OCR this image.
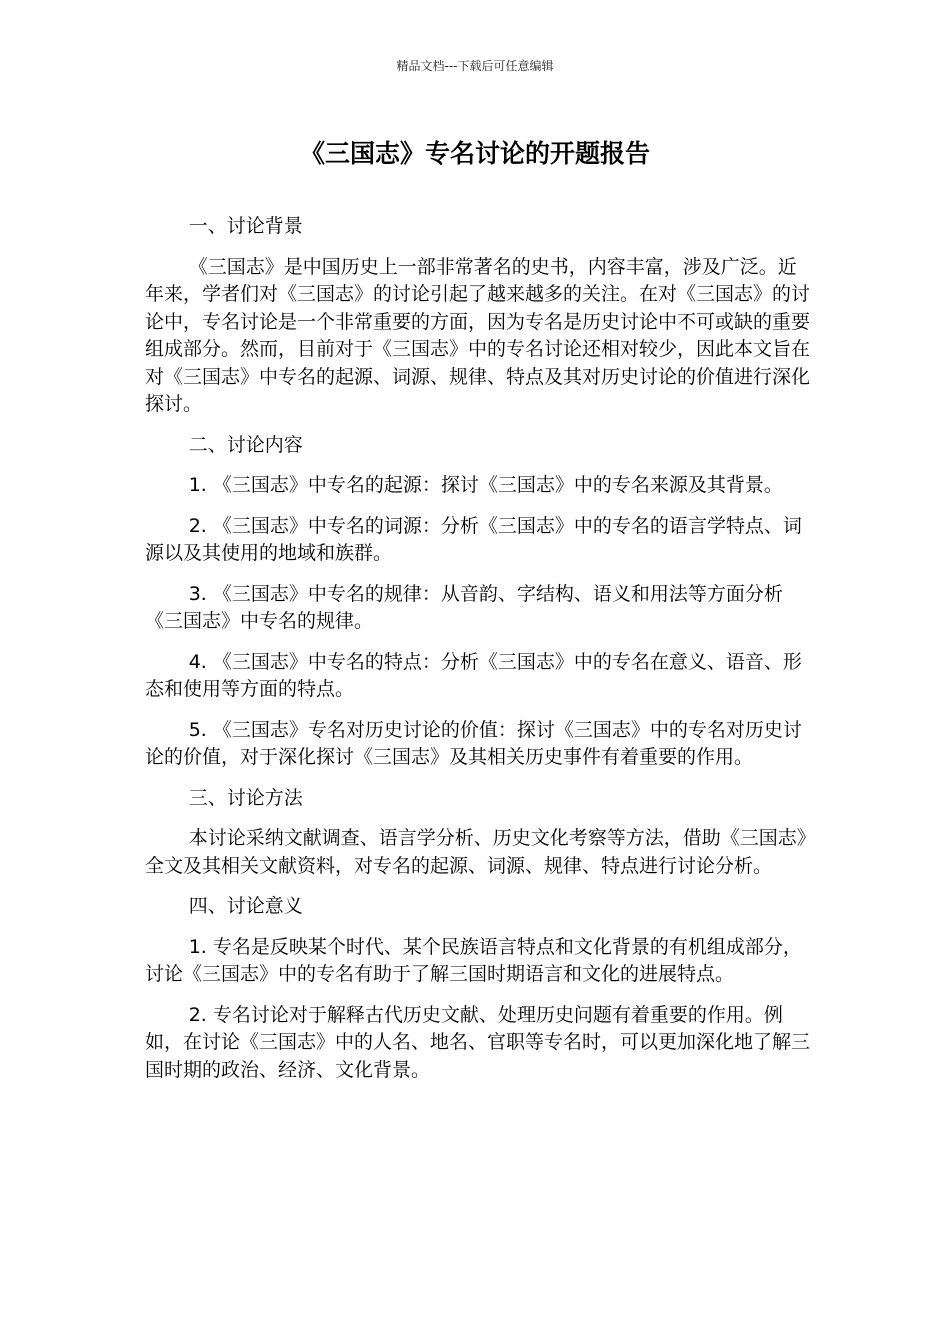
精品文档---下载后可任意编辑
《三国志》专名讨论的开题报告

一、讨论背景

《三国志》是中国历史上一部非常著名的史书，内容丰富，涉及广泛。近年来，学者们对《三国志》的讨论引起了越来越多的关注。在对《三国志》的讨论中，专名讨论是一个非常重要的方面，因为专名是历史讨论中不可或缺的重要组成部分。然而，目前对于《三国志》中的专名讨论还相对较少，因此本文旨在对《三国志》中专名的起源、词源、规律、特点及其对历史讨论的价值进行深化探讨。

二、讨论内容

1. 《三国志》中专名的起源：探讨《三国志》中的专名来源及其背景。

2. 《三国志》中专名的词源：分析《三国志》中的专名的语言学特点、词源以及其使用的地域和族群。

3. 《三国志》中专名的规律：从音韵、字结构、语义和用法等方面分析《三国志》中专名的规律。

4. 《三国志》中专名的特点：分析《三国志》中的专名在意义、语音、形态和使用等方面的特点。

5. 《三国志》专名对历史讨论的价值：探讨《三国志》中的专名对历史讨论的价值，对于深化探讨《三国志》及其相关历史事件有着重要的作用。

三、讨论方法

本讨论采纳文献调查、语言学分析、历史文化考察等方法，借助《三国志》全文及其相关文献资料，对专名的起源、词源、规律、特点进行讨论分析。

四、讨论意义

1. 专名是反映某个时代、某个民族语言特点和文化背景的有机组成部分，讨论《三国志》中的专名有助于了解三国时期语言和文化的进展特点。

2. 专名讨论对于解释古代历史文献、处理历史问题有着重要的作用。例如，在讨论《三国志》中的人名、地名、官职等专名时，可以更加深化地了解三国时期的政治、经济、文化背景。
